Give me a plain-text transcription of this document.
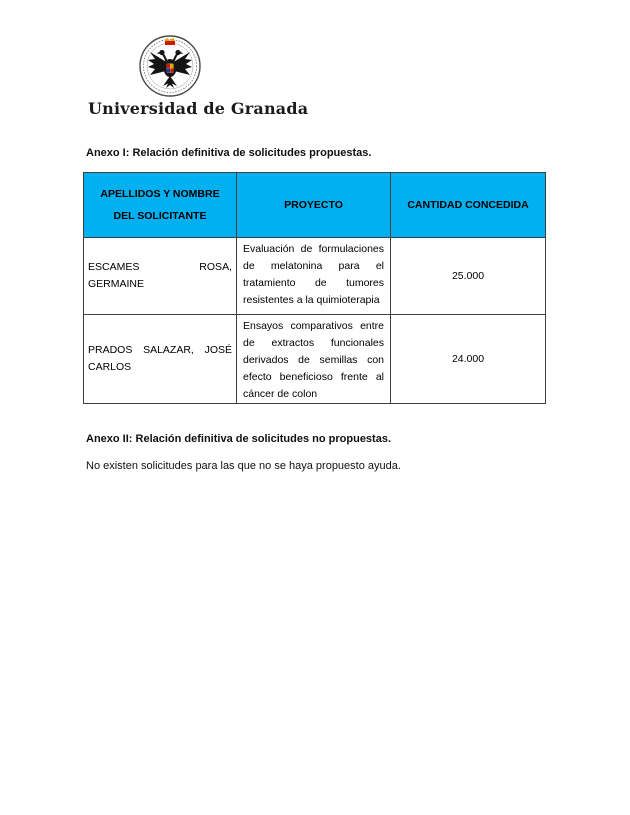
Universidad de Granada
Anexo I: Relación definitiva de solicitudes propuestas.
APELLIDOS Y NOMBRE DEL SOLICITANTE	PROYECTO	CANTIDAD CONCEDIDA
ESCAMES ROSA, GERMAINE	Evaluación de formulaciones de melatonina para el tratamiento de tumores resistentes a la quimioterapia	25.000
PRADOS SALAZAR, JOSÉ CARLOS	Ensayos comparativos entre de extractos funcionales derivados de semillas con efecto beneficioso frente al cáncer de colon	24.000
Anexo II: Relación definitiva de solicitudes no propuestas.
No existen solicitudes para las que no se haya propuesto ayuda.
